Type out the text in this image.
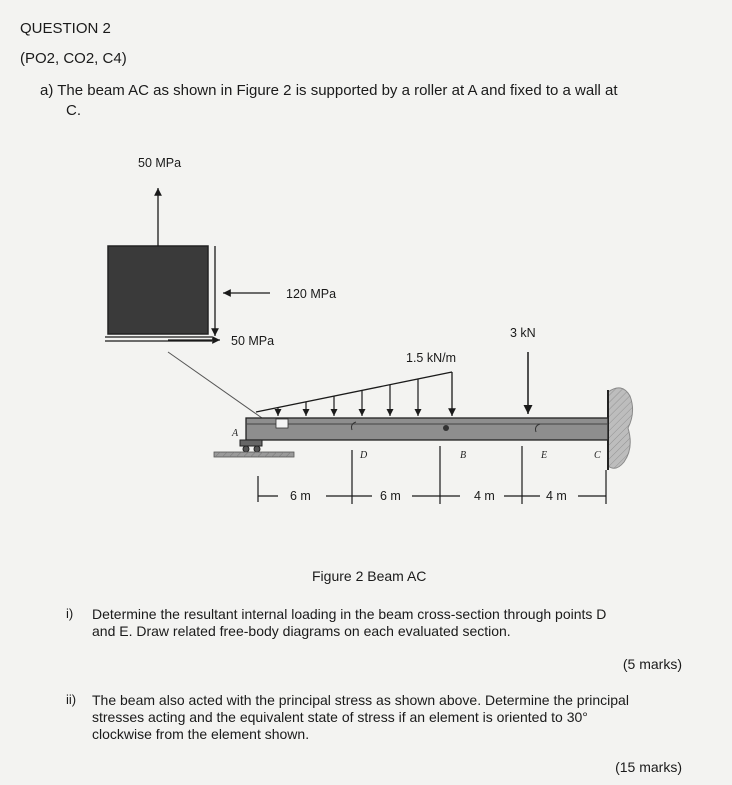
QUESTION 2
(PO2, CO2, C4)
a) The beam AC as shown in Figure 2 is supported by a roller at A and fixed to a wall at
C.
50 MPa
120 MPa
50 MPa
A
1.5 kN/m
3 kN
D	B	E	C
6 m	6 m	4 m	4 m
Figure 2 Beam AC
i) Determine the resultant internal loading in the beam cross-section through points D
and E. Draw related free-body diagrams on each evaluated section.
(5 marks)
ii) The beam also acted with the principal stress as shown above. Determine the principal
stresses acting and the equivalent state of stress if an element is oriented to 30°
clockwise from the element shown.
(15 marks)
